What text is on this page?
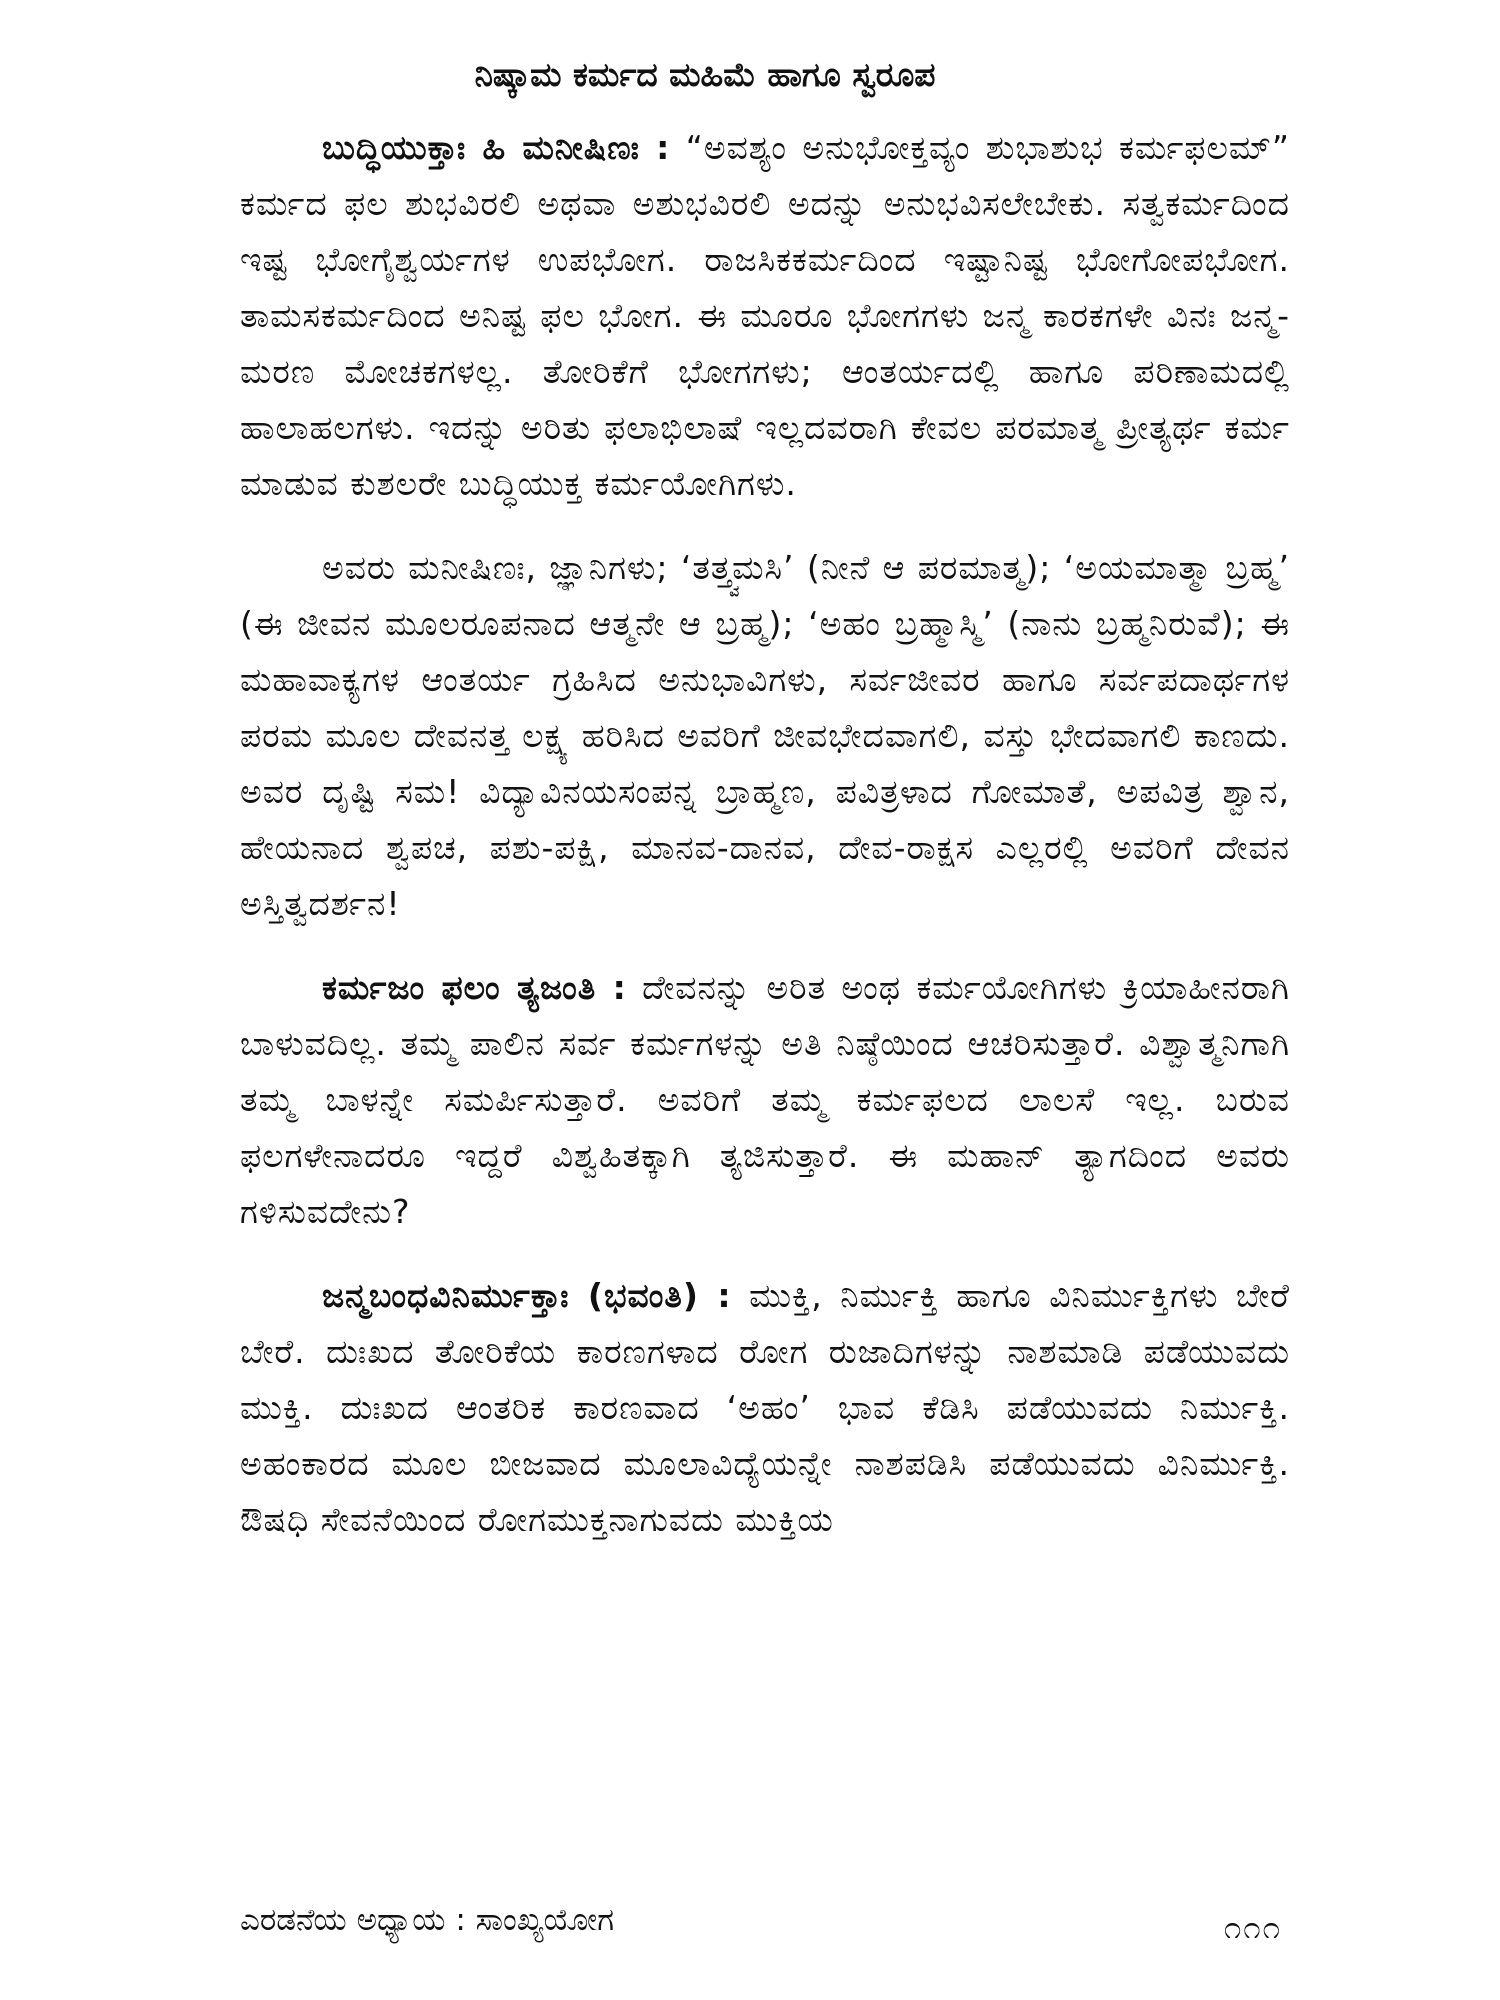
ನಿಷ್ಕಾಮ ಕರ್ಮದ ಮಹಿಮೆ ಹಾಗೂ ಸ್ವರೂಪ

ಬುದ್ಧಿಯುಕ್ತಾಃ ಹಿ ಮನೀಷಿಣಃ : “ಅವಶ್ಯಂ ಅನುಭೋಕ್ತವ್ಯಂ ಶುಭಾಶುಭ ಕರ್ಮಫಲಮ್” ಕರ್ಮದ ಫಲ ಶುಭವಿರಲಿ ಅಥವಾ ಅಶುಭವಿರಲಿ ಅದನ್ನು ಅನುಭವಿಸಲೇಬೇಕು. ಸತ್ವಕರ್ಮದಿಂದ ಇಷ್ಟ ಭೋಗೈಶ್ವರ್ಯಗಳ ಉಪಭೋಗ. ರಾಜಸಿಕಕರ್ಮದಿಂದ ಇಷ್ಟಾನಿಷ್ಟ ಭೋಗೋಪಭೋಗ. ತಾಮಸಕರ್ಮದಿಂದ ಅನಿಷ್ಟ ಫಲ ಭೋಗ. ಈ ಮೂರೂ ಭೋಗಗಳು ಜನ್ಮ ಕಾರಕಗಳೇ ವಿನಃ ಜನ್ಮ-ಮರಣ ಮೋಚಕಗಳಲ್ಲ. ತೋರಿಕೆಗೆ ಭೋಗಗಳು; ಆಂತರ್ಯದಲ್ಲಿ ಹಾಗೂ ಪರಿಣಾಮದಲ್ಲಿ ಹಾಲಾಹಲಗಳು. ಇದನ್ನು ಅರಿತು ಫಲಾಭಿಲಾಷೆ ಇಲ್ಲದವರಾಗಿ ಕೇವಲ ಪರಮಾತ್ಮ ಪ್ರೀತ್ಯರ್ಥ ಕರ್ಮ ಮಾಡುವ ಕುಶಲರೇ ಬುದ್ಧಿಯುಕ್ತ ಕರ್ಮಯೋಗಿಗಳು.

ಅವರು ಮನೀಷಿಣಃ, ಜ್ಞಾನಿಗಳು; ‘ತತ್ತ್ವಮಸಿ’ (ನೀನೆ ಆ ಪರಮಾತ್ಮ); ‘ಅಯಮಾತ್ಮಾ ಬ್ರಹ್ಮ’ (ಈ ಜೀವನ ಮೂಲರೂಪನಾದ ಆತ್ಮನೇ ಆ ಬ್ರಹ್ಮ); ‘ಅಹಂ ಬ್ರಹ್ಮಾಸ್ಮಿ’ (ನಾನು ಬ್ರಹ್ಮನಿರುವೆ); ಈ ಮಹಾವಾಕ್ಯಗಳ ಆಂತರ್ಯ ಗ್ರಹಿಸಿದ ಅನುಭಾವಿಗಳು, ಸರ್ವಜೀವರ ಹಾಗೂ ಸರ್ವಪದಾರ್ಥಗಳ ಪರಮ ಮೂಲ ದೇವನತ್ತ ಲಕ್ಷ್ಯ ಹರಿಸಿದ ಅವರಿಗೆ ಜೀವಭೇದವಾಗಲಿ, ವಸ್ತು ಭೇದವಾಗಲಿ ಕಾಣದು. ಅವರ ದೃಷ್ಟಿ ಸಮ! ವಿದ್ಯಾವಿನಯಸಂಪನ್ನ ಬ್ರಾಹ್ಮಣ, ಪವಿತ್ರಳಾದ ಗೋಮಾತೆ, ಅಪವಿತ್ರ ಶ್ವಾನ, ಹೇಯನಾದ ಶ್ವಪಚ, ಪಶು-ಪಕ್ಷಿ, ಮಾನವ-ದಾನವ, ದೇವ-ರಾಕ್ಷಸ ಎಲ್ಲರಲ್ಲಿ ಅವರಿಗೆ ದೇವನ ಅಸ್ತಿತ್ವದರ್ಶನ!

ಕರ್ಮಜಂ ಫಲಂ ತ್ಯಜಂತಿ : ದೇವನನ್ನು ಅರಿತ ಅಂಥ ಕರ್ಮಯೋಗಿಗಳು ಕ್ರಿಯಾಹೀನರಾಗಿ ಬಾಳುವದಿಲ್ಲ. ತಮ್ಮ ಪಾಲಿನ ಸರ್ವ ಕರ್ಮಗಳನ್ನು ಅತಿ ನಿಷ್ಠೆಯಿಂದ ಆಚರಿಸುತ್ತಾರೆ. ವಿಶ್ವಾತ್ಮನಿಗಾಗಿ ತಮ್ಮ ಬಾಳನ್ನೇ ಸಮರ್ಪಿಸುತ್ತಾರೆ. ಅವರಿಗೆ ತಮ್ಮ ಕರ್ಮಫಲದ ಲಾಲಸೆ ಇಲ್ಲ. ಬರುವ ಫಲಗಳೇನಾದರೂ ಇದ್ದರೆ ವಿಶ್ವಹಿತಕ್ಕಾಗಿ ತ್ಯಜಿಸುತ್ತಾರೆ. ಈ ಮಹಾನ್ ತ್ಯಾಗದಿಂದ ಅವರು ಗಳಿಸುವದೇನು?

ಜನ್ಮಬಂಧವಿನಿರ್ಮುಕ್ತಾಃ (ಭವಂತಿ) : ಮುಕ್ತಿ, ನಿರ್ಮುಕ್ತಿ ಹಾಗೂ ವಿನಿರ್ಮುಕ್ತಿಗಳು ಬೇರೆ ಬೇರೆ. ದುಃಖದ ತೋರಿಕೆಯ ಕಾರಣಗಳಾದ ರೋಗ ರುಜಾದಿಗಳನ್ನು ನಾಶಮಾಡಿ ಪಡೆಯುವದು ಮುಕ್ತಿ. ದುಃಖದ ಆಂತರಿಕ ಕಾರಣವಾದ ‘ಅಹಂ’ ಭಾವ ಕೆಡಿಸಿ ಪಡೆಯುವದು ನಿರ್ಮುಕ್ತಿ. ಅಹಂಕಾರದ ಮೂಲ ಬೀಜವಾದ ಮೂಲಾವಿದ್ಯೆಯನ್ನೇ ನಾಶಪಡಿಸಿ ಪಡೆಯುವದು ವಿನಿರ್ಮುಕ್ತಿ. ಔಷಧಿ ಸೇವನೆಯಿಂದ ರೋಗಮುಕ್ತನಾಗುವದು ಮುಕ್ತಿಯ

ಎರಡನೆಯ ಅಧ್ಯಾಯ : ಸಾಂಖ್ಯಯೋಗ	೧೧೧
